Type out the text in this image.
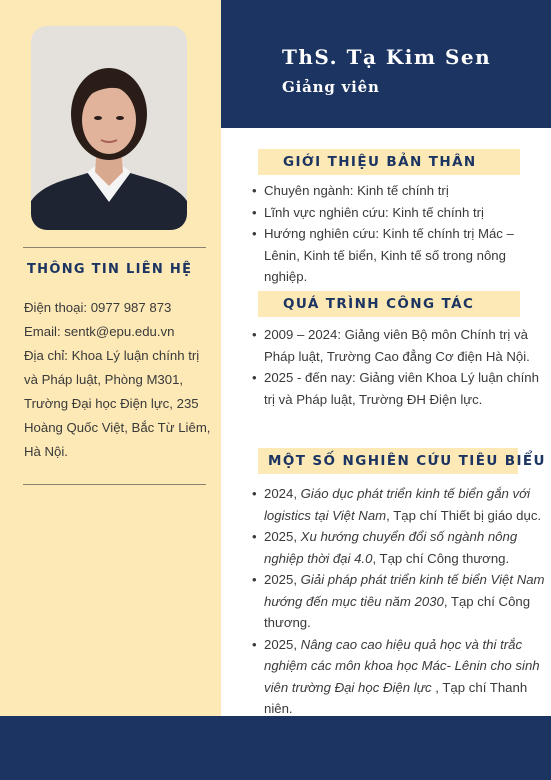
THÔNG TIN LIÊN HỆ
Điện thoại: 0977 987 873
Email: sentk@epu.edu.vn
Địa chỉ: Khoa Lý luận chính trị
và Pháp luật, Phòng M301,
Trường Đại học Điện lực, 235
Hoàng Quốc Việt, Bắc Từ Liêm,
Hà Nội.
ThS. Tạ Kim Sen
Giảng viên
GIỚI THIỆU BẢN THÂN
• Chuyên ngành: Kinh tế chính trị
• Lĩnh vực nghiên cứu: Kinh tế chính trị
• Hướng nghiên cứu: Kinh tế chính trị Mác – Lênin, Kinh tế biển, Kinh tế số trong nông nghiệp.
QUÁ TRÌNH CÔNG TÁC
• 2009 – 2024: Giảng viên Bộ môn Chính trị và Pháp luật, Trường Cao đẳng Cơ điện Hà Nội.
• 2025 - đến nay: Giảng viên Khoa Lý luận chính trị và Pháp luật, Trường ĐH Điện lực.
MỘT SỐ NGHIÊN CỨU TIÊU BIỂU
• 2024, Giáo dục phát triển kinh tế biển gắn với logistics tại Việt Nam, Tạp chí Thiết bị giáo dục.
• 2025, Xu hướng chuyển đổi số ngành nông nghiệp thời đại 4.0, Tạp chí Công thương.
• 2025, Giải pháp phát triển kinh tế biển Việt Nam hướng đến mục tiêu năm 2030, Tạp chí Công thương.
• 2025, Nâng cao cao hiệu quả học và thi trắc nghiệm các môn khoa học Mác- Lênin cho sinh viên trường Đại học Điện lực , Tạp chí Thanh niên.
